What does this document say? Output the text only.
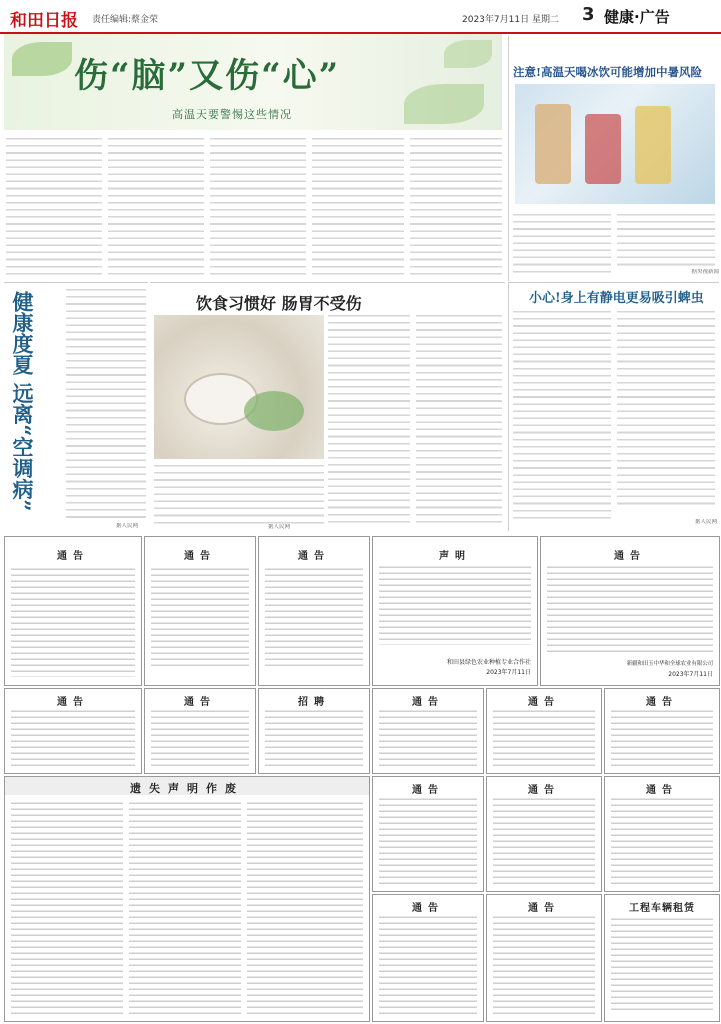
和田日报 责任编辑:蔡金荣	2023年7月11日 星期二 3 健康·广告
伤“脑”又伤“心”
高温天要警惕这些情况
注意!高温天喝冰饮可能增加中暑风险
据央视新闻
健康度夏 远离“空调病”
据人民网
饮食习惯好 肠胃不受伤
据人民网
小心!身上有静电更易吸引蜱虫
据人民网
通告	通告	通告	声明
和田县绿色农业种植专业合作社
2023年7月11日
通告
新疆和田玉中华和全球农业有限公司
2023年7月11日
通告	通告	招聘	通告	通告	通告
遗失声明作废	通告	通告	通告
通告	通告	工程车辆租赁
